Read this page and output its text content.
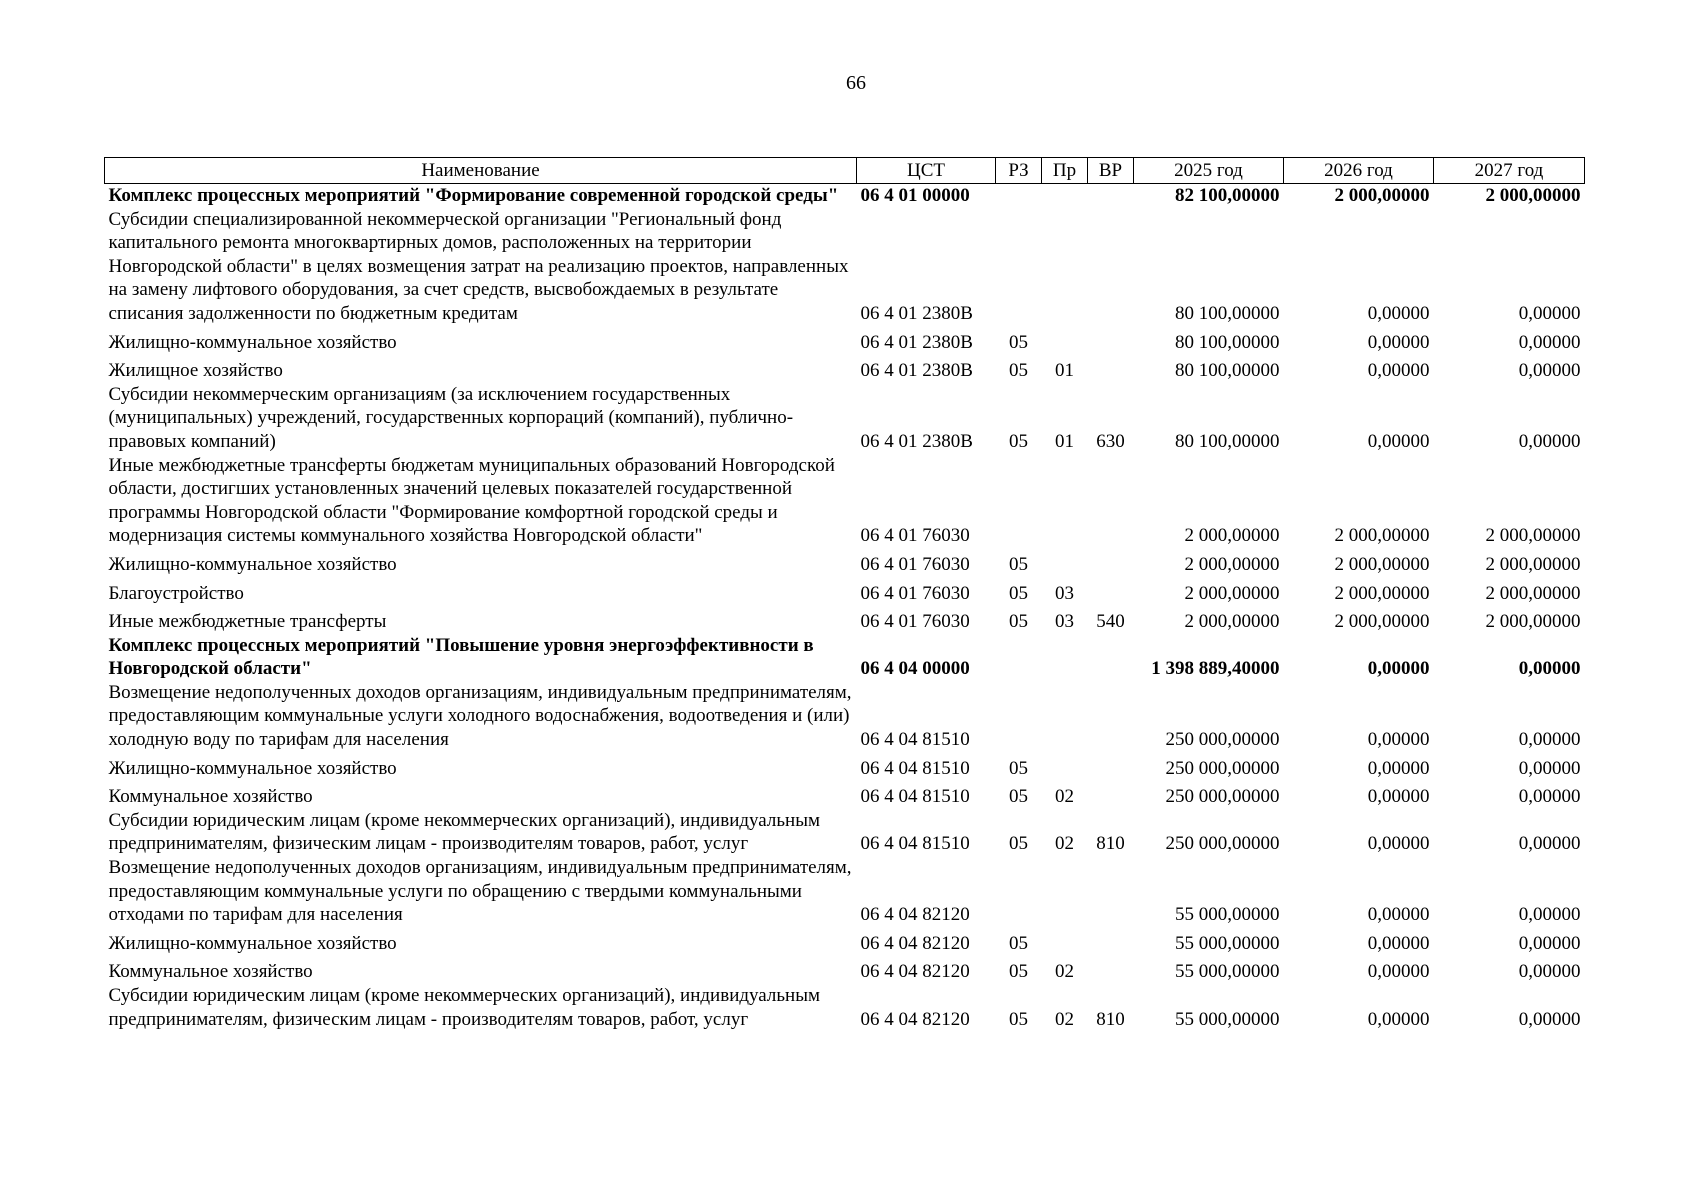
66
Наименование	ЦСТ	РЗ	Пр	ВР	2025 год	2026 год	2027 год
Комплекс процессных мероприятий "Формирование современной городской среды"	06 4 01 00000				82 100,00000	2 000,00000	2 000,00000
Субсидии специализированной некоммерческой организации "Региональный фонд капитального ремонта многоквартирных домов, расположенных на территории Новгородской области" в целях возмещения затрат на реализацию проектов, направленных на замену лифтового оборудования, за счет средств, высвобождаемых в результате списания задолженности по бюджетным кредитам	06 4 01 2380В				80 100,00000	0,00000	0,00000
Жилищно-коммунальное хозяйство	06 4 01 2380В	05			80 100,00000	0,00000	0,00000
Жилищное хозяйство	06 4 01 2380В	05	01		80 100,00000	0,00000	0,00000
Субсидии некоммерческим организациям (за исключением государственных (муниципальных) учреждений, государственных корпораций (компаний), публично-правовых компаний)	06 4 01 2380В	05	01	630	80 100,00000	0,00000	0,00000
Иные межбюджетные трансферты бюджетам муниципальных образований Новгородской области, достигших установленных значений целевых показателей государственной программы Новгородской области "Формирование комфортной городской среды и модернизация системы коммунального хозяйства Новгородской области"	06 4 01 76030				2 000,00000	2 000,00000	2 000,00000
Жилищно-коммунальное хозяйство	06 4 01 76030	05			2 000,00000	2 000,00000	2 000,00000
Благоустройство	06 4 01 76030	05	03		2 000,00000	2 000,00000	2 000,00000
Иные межбюджетные трансферты	06 4 01 76030	05	03	540	2 000,00000	2 000,00000	2 000,00000
Комплекс процессных мероприятий "Повышение уровня энергоэффективности в Новгородской области"	06 4 04 00000				1 398 889,40000	0,00000	0,00000
Возмещение недополученных доходов организациям, индивидуальным предпринимателям, предоставляющим коммунальные услуги холодного водоснабжения, водоотведения и (или) холодную воду по тарифам для населения	06 4 04 81510				250 000,00000	0,00000	0,00000
Жилищно-коммунальное хозяйство	06 4 04 81510	05			250 000,00000	0,00000	0,00000
Коммунальное хозяйство	06 4 04 81510	05	02		250 000,00000	0,00000	0,00000
Субсидии юридическим лицам (кроме некоммерческих организаций), индивидуальным предпринимателям, физическим лицам - производителям товаров, работ, услуг	06 4 04 81510	05	02	810	250 000,00000	0,00000	0,00000
Возмещение недополученных доходов организациям, индивидуальным предпринимателям, предоставляющим коммунальные услуги по обращению с твердыми коммунальными отходами по тарифам для населения	06 4 04 82120				55 000,00000	0,00000	0,00000
Жилищно-коммунальное хозяйство	06 4 04 82120	05			55 000,00000	0,00000	0,00000
Коммунальное хозяйство	06 4 04 82120	05	02		55 000,00000	0,00000	0,00000
Субсидии юридическим лицам (кроме некоммерческих организаций), индивидуальным предпринимателям, физическим лицам - производителям товаров, работ, услуг	06 4 04 82120	05	02	810	55 000,00000	0,00000	0,00000
